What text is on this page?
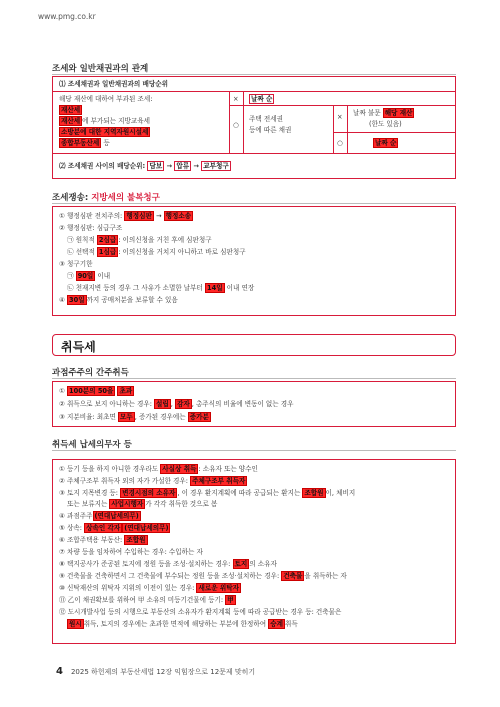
www.pmg.co.kr
조세와 일반채권과의 관계
⑴ 조세채권과 일반채권과의 배당순위
해당 재산에 대하여 부과된 조세:
재산세
재산세 에 부가되는 지방교육세
소방분에 대한 지역자원시설세
종합부동산세 등
×	날짜 순
○
주택 전세권
등에 따른 채권
× 날짜 불문 해당 재산
(한도 있음)
○	날짜 순
⑵ 조세채권 사이의 배당순위: 담보 → 압류 → 교부청구
조세쟁송: 지방세의 불복청구
① 행정심판 전치주의: 행정심판 → 행정소송
② 행정심판: 심급구조
㉠ 원칙적 2심급 : 이의신청을 거친 후에 심판청구
㉡ 선택적 1심급 : 이의신청을 거치지 아니하고 바로 심판청구
③ 청구기한
㉠ 90일 이내
㉡ 천재지변 등의 경우 그 사유가 소멸한 날부터 14일 이내 연장
④ 30일 까지 공매처분을 보류할 수 있음
취득세
과점주주의 간주취득
① 100분의 50을 초과
② 취득으로 보지 아니하는 경우: 설립 , 감자 , 총주식의 비율에 변동이 없는 경우
③ 지분비율: 최초면 모두 , 증가된 경우에는 증가분
취득세 납세의무자 등
① 등기 등을 하지 아니한 경우라도 사실상 취득 : 소유자 또는 양수인
② 주체구조부 취득자 외의 자가 가설한 경우: 주체구조부 취득자
③ 토지 지목변경 등: 변경시점의 소유자 , 이 경우 환지계획에 따라 공급되는 환지는 조합원 이, 체비지
또는 보류지는 사업시행자 가 각각 취득한 것으로 봄
④ 과점주주 (연대납세의무)
⑤ 상속: 상속인 각자 (연대납세의무)
⑥ 조합주택용 부동산: 조합원
⑦ 차량 등을 임차하여 수입하는 경우: 수입하는 자
⑧ 택지공사가 준공된 토지에 정원 등을 조성·설치하는 경우: 토지 의 소유자
⑨ 건축물을 건축하면서 그 건축물에 부수되는 정원 등을 조성·설치하는 경우: 건축물 을 취득하는 자
⑩ 신탁재산의 위탁자 지위의 이전이 있는 경우: 새로운 위탁자
⑪ 乙이 채권확보를 위하여 甲 소유의 미등기건물에 등기: 甲
⑫ 도시개발사업 등의 시행으로 부동산의 소유자가 환지계획 등에 따라 공급받는 경우 등: 건축물은
원시 취득, 토지의 경우에는 초과한 면적에 해당하는 부분에 한정하여 승계 취득
4 2025 하헌제의 부동산세법 12장 익힘장으로 12문제 맞히기
